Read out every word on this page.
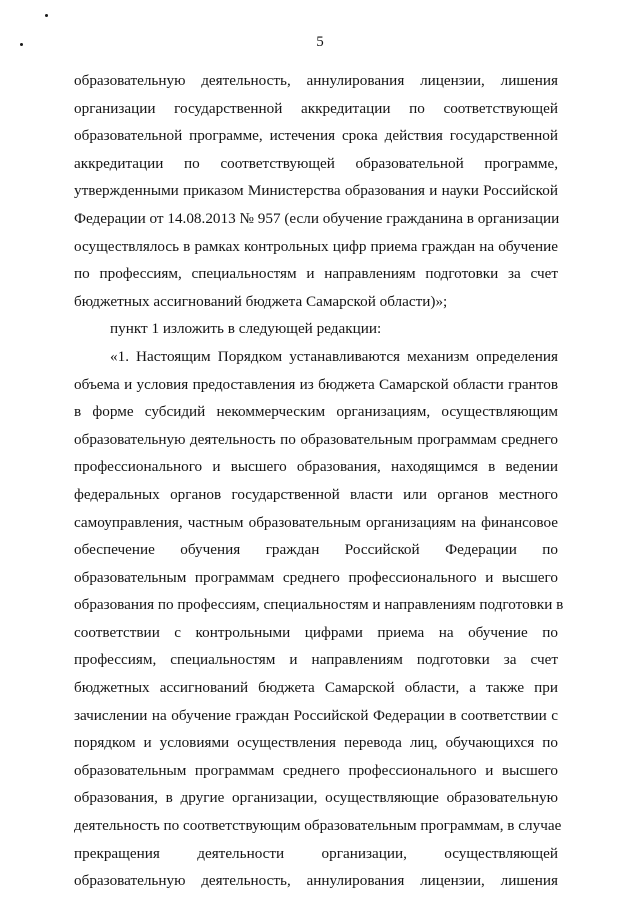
5
образовательную деятельность, аннулирования лицензии, лишения
организации государственной аккредитации по соответствующей
образовательной программе, истечения срока действия государственной
аккредитации по соответствующей образовательной программе,
утвержденными приказом Министерства образования и науки Российской
Федерации от 14.08.2013 № 957 (если обучение гражданина в организации
осуществлялось в рамках контрольных цифр приема граждан на обучение
по профессиям, специальностям и направлениям подготовки за счет
бюджетных ассигнований бюджета Самарской области)»;
пункт 1 изложить в следующей редакции:
«1. Настоящим Порядком устанавливаются механизм определения
объема и условия предоставления из бюджета Самарской области грантов
в форме субсидий некоммерческим организациям, осуществляющим
образовательную деятельность по образовательным программам среднего
профессионального и высшего образования, находящимся в ведении
федеральных органов государственной власти или органов местного
самоуправления, частным образовательным организациям на финансовое
обеспечение обучения граждан Российской Федерации по
образовательным программам среднего профессионального и высшего
образования по профессиям, специальностям и направлениям подготовки в
соответствии с контрольными цифрами приема на обучение по
профессиям, специальностям и направлениям подготовки за счет
бюджетных ассигнований бюджета Самарской области, а также при
зачислении на обучение граждан Российской Федерации в соответствии с
порядком и условиями осуществления перевода лиц, обучающихся по
образовательным программам среднего профессионального и высшего
образования, в другие организации, осуществляющие образовательную
деятельность по соответствующим образовательным программам, в случае
прекращения деятельности организации, осуществляющей
образовательную деятельность, аннулирования лицензии, лишения
